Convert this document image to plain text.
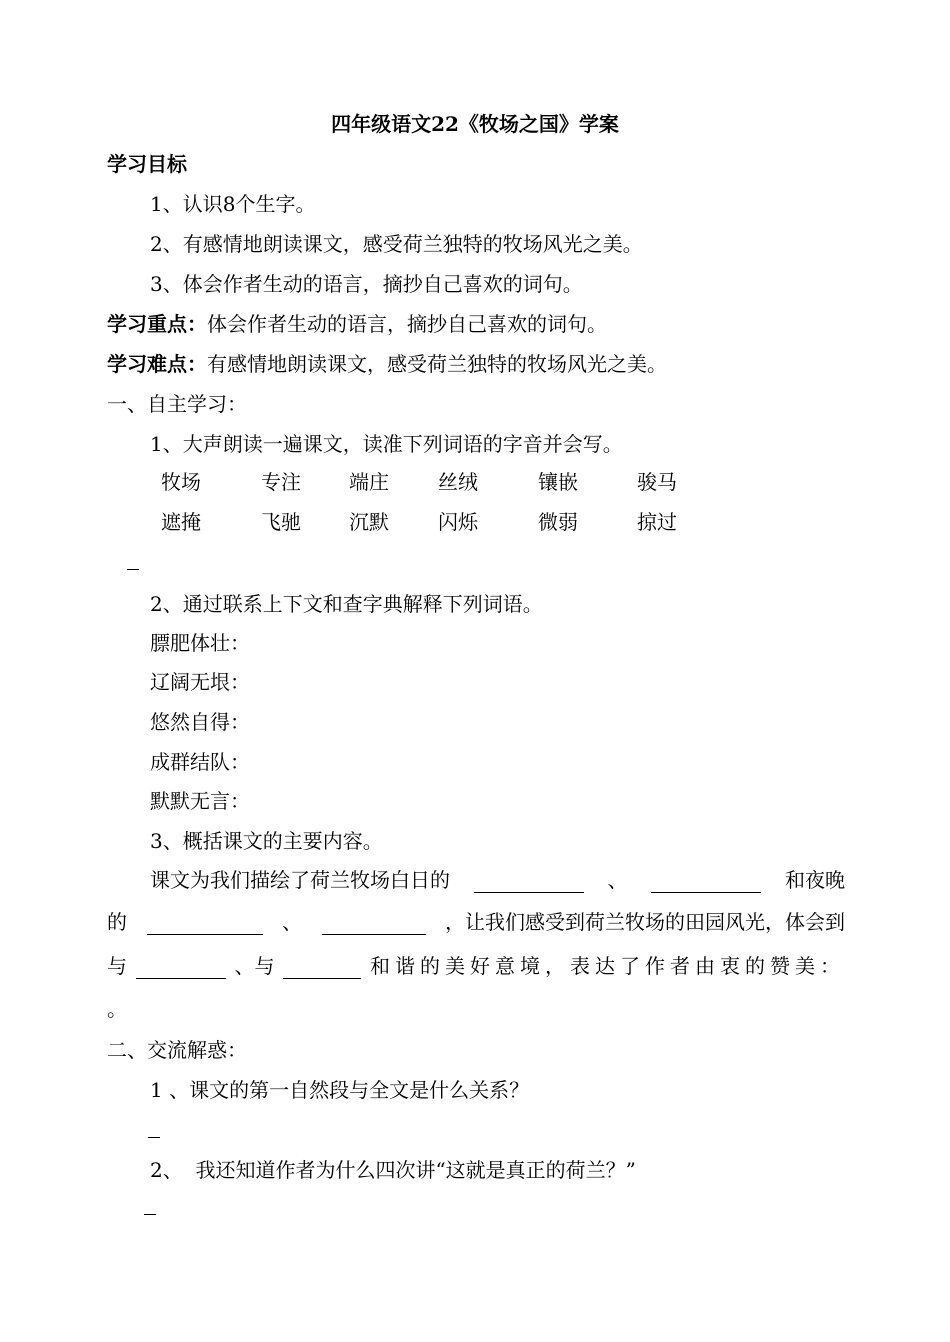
四年级语文22《牧场之国》学案
学习目标
1、认识8个生字。
2、有感情地朗读课文，感受荷兰独特的牧场风光之美。
3、体会作者生动的语言，摘抄自己喜欢的词句。
学习重点：体会作者生动的语言，摘抄自己喜欢的词句。
学习难点：有感情地朗读课文，感受荷兰独特的牧场风光之美。
一、自主学习：
1、大声朗读一遍课文，读准下列词语的字音并会写。
牧场	专注 端庄 丝绒	镶嵌	骏马
遮掩	飞驰 沉默 闪烁	微弱	掠过
2、通过联系上下文和查字典解释下列词语。
膘肥体壮：
辽阔无垠：
悠然自得：
成群结队：
默默无言：
3、概括课文的主要内容。
课文为我们描绘了荷兰牧场白日的	、	和夜晚
的	、	，让我们感受到荷兰牧场的田园风光，体会到
与	、与	和谐的美好意境，表达了作者由衷的赞美：
。
二、交流解惑：
1 、课文的第一自然段与全文是什么关系？
2、  我还知道作者为什么四次讲“这就是真正的荷兰？”
